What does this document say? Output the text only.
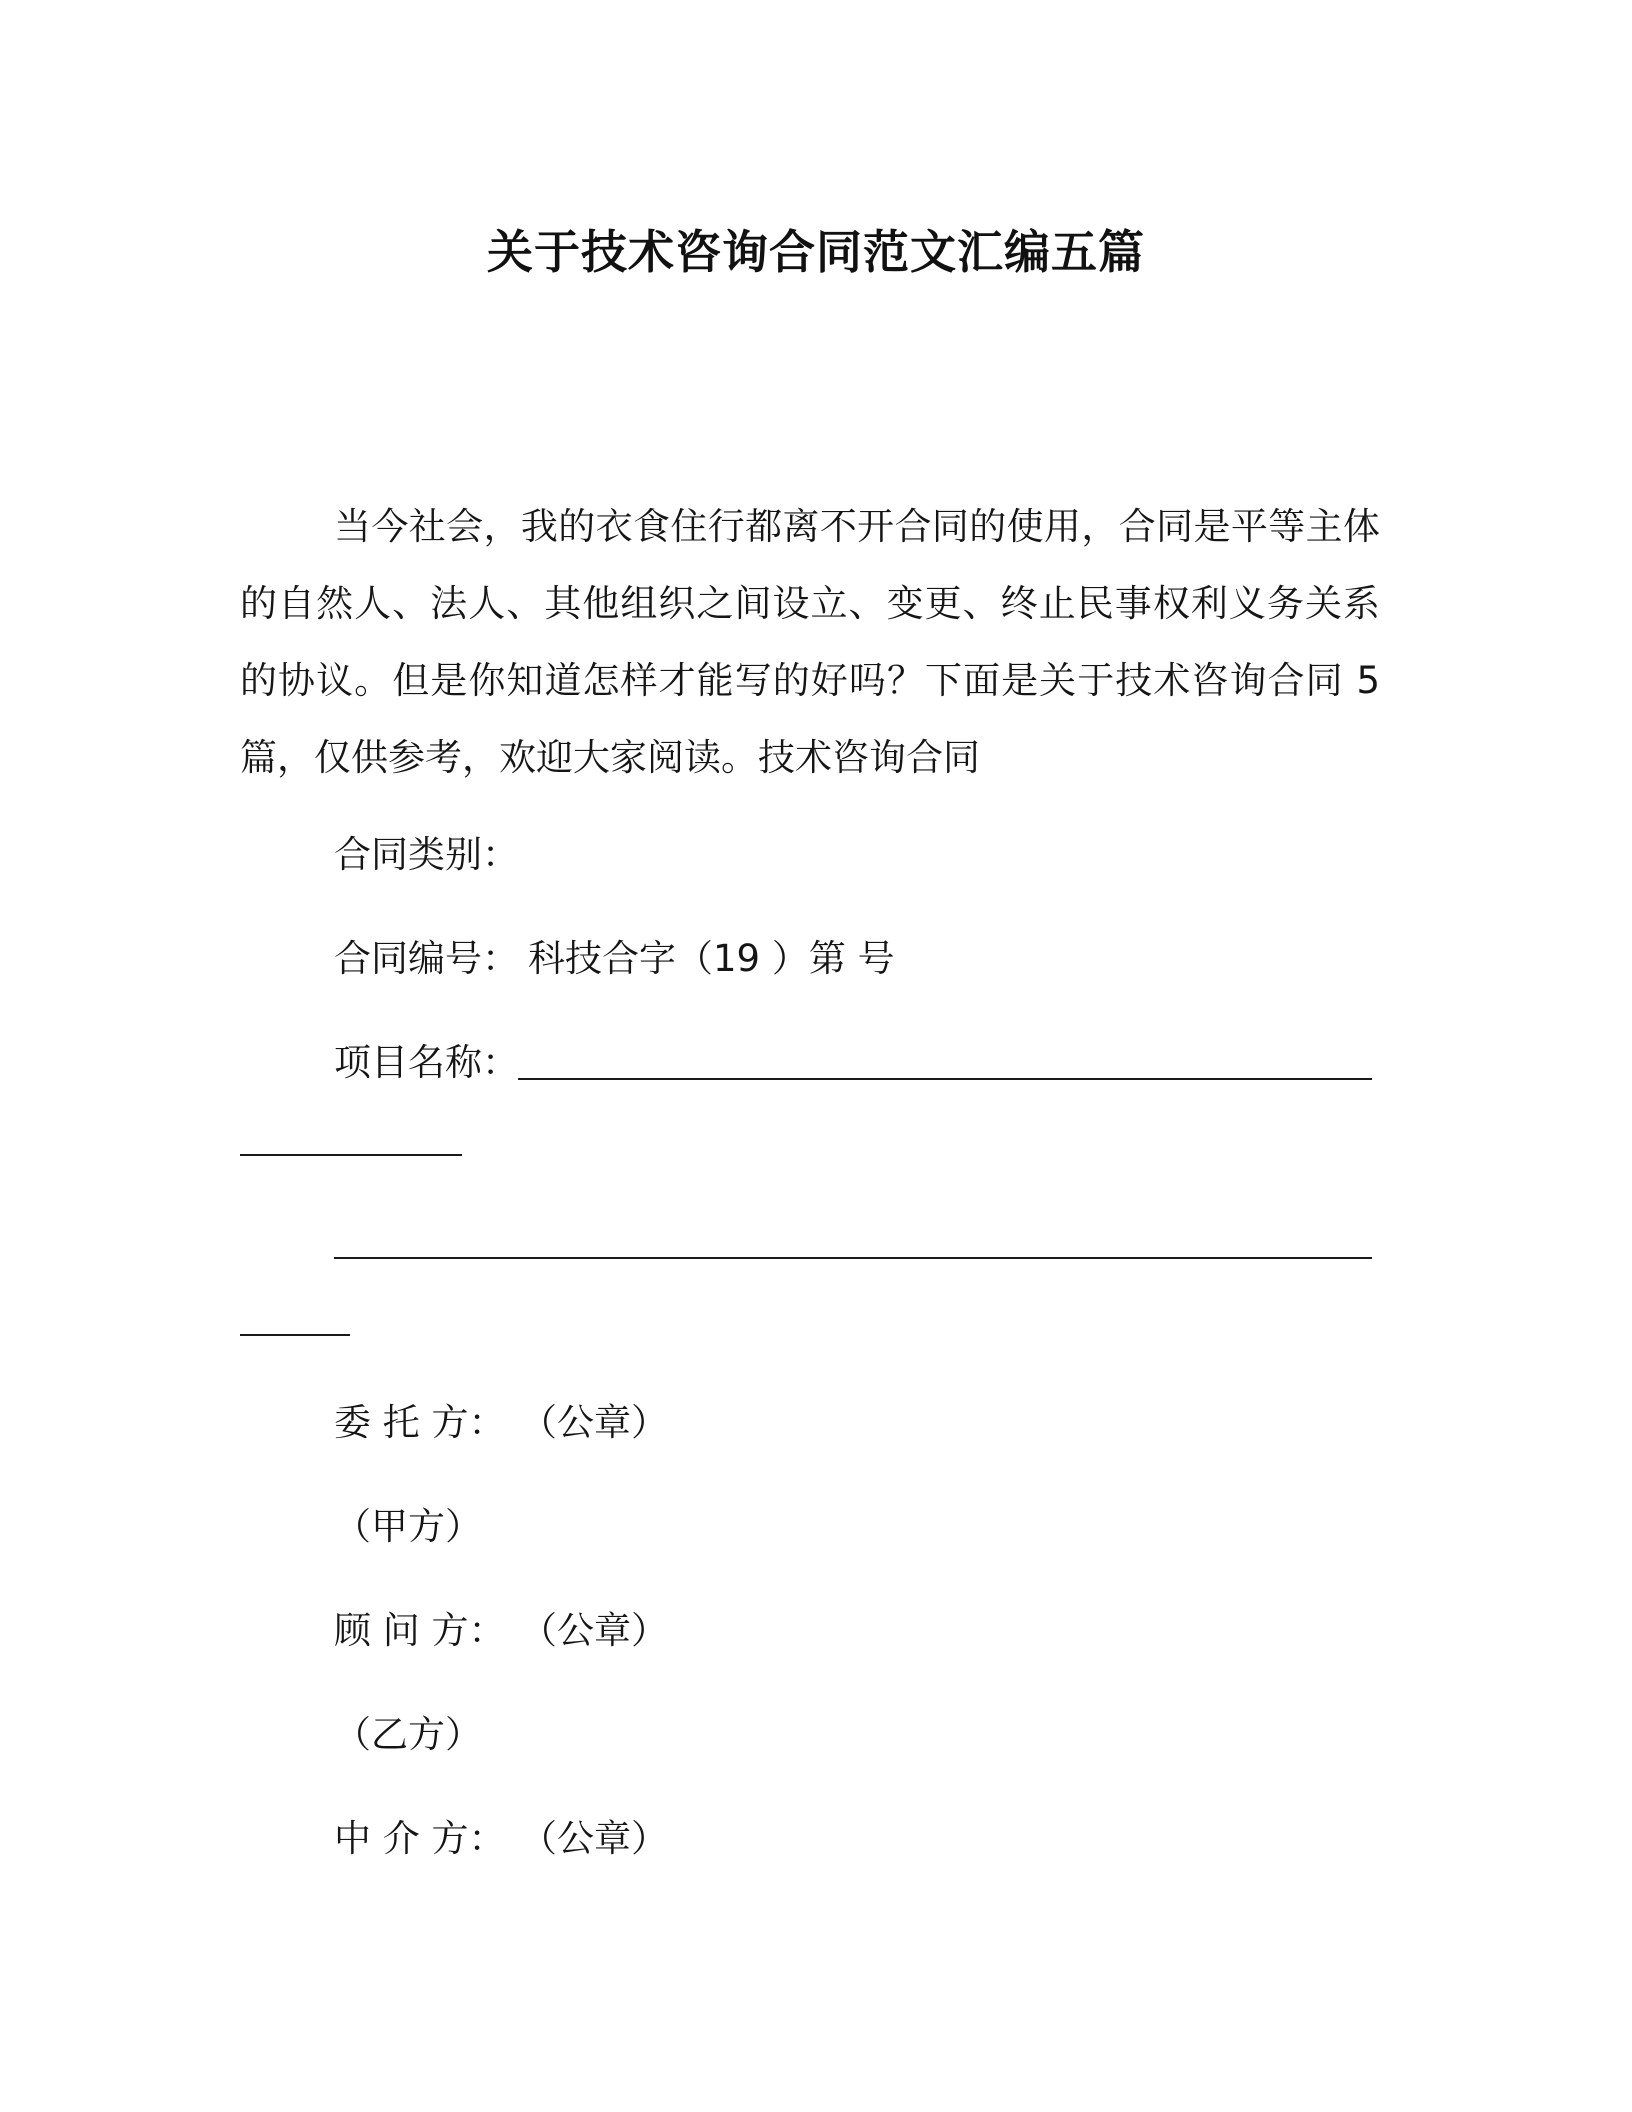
关于技术咨询合同范文汇编五篇

当今社会，我的衣食住行都离不开合同的使用，合同是平等主体的自然人、法人、其他组织之间设立、变更、终止民事权利义务关系的协议。但是你知道怎样才能写的好吗？下面是关于技术咨询合同 5 篇，仅供参考，欢迎大家阅读。技术咨询合同

合同类别：
合同编号： 科技合字（19 ）第 号
项目名称：
委 托 方： （公章）
（甲方）
顾 问 方： （公章）
（乙方）
中 介 方： （公章）
